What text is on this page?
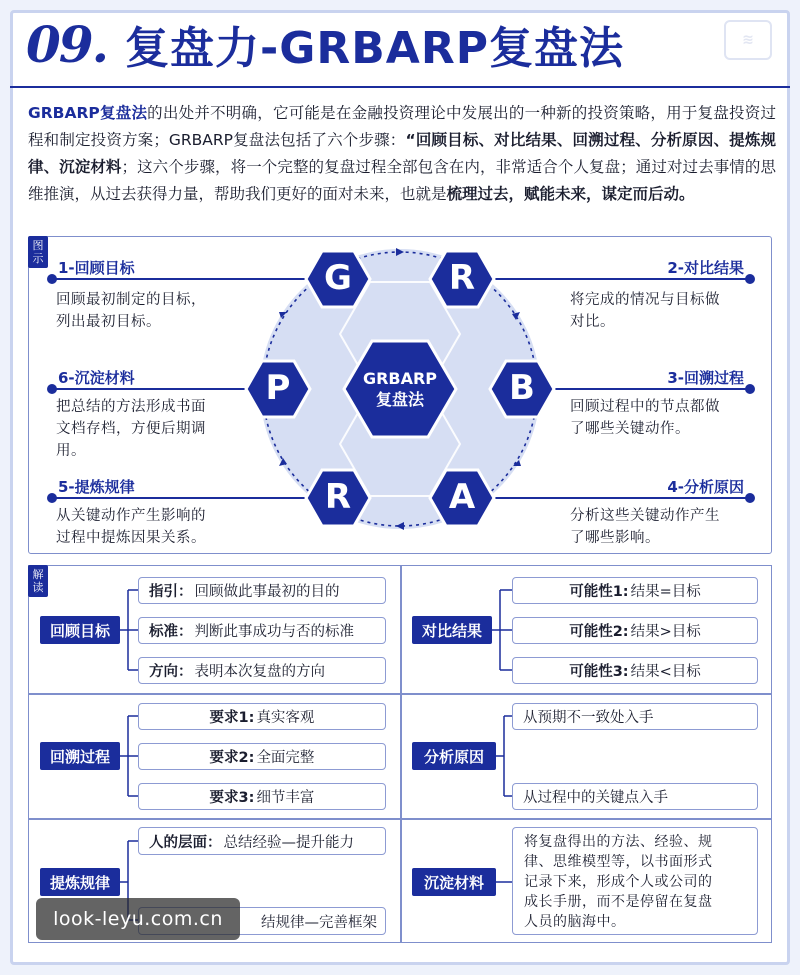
09. 复盘力-GRBARP复盘法	≋
GRBARP复盘法的出处并不明确，它可能是在金融投资理论中发展出的一种新的投资策略，用于复盘投资过程和制定投资方案；GRBARP复盘法包括了六个步骤：“回顾目标、对比结果、回溯过程、分析原因、提炼规律、沉淀材料；这六个步骤，将一个完整的复盘过程全部包含在内，非常适合个人复盘；通过对过去事情的思维推演，从过去获得力量，帮助我们更好的面对未来，也就是梳理过去，赋能未来，谋定而后动。
图示	G	R
B
A
R
P	GRBARP
复盘法
1-回顾目标
回顾最初制定的目标，
列出最初目标。
2-对比结果
将完成的情况与目标做
对比。
3-回溯过程
回顾过程中的节点都做
了哪些关键动作。
4-分析原因
分析这些关键动作产生
了哪些影响。
5-提炼规律
从关键动作产生影响的
过程中提炼因果关系。
6-沉淀材料
把总结的方法形成书面
文档存档，方便后期调
用。
解读
回顾目标
指引： 回顾做此事最初的目的
标准： 判断此事成功与否的标准
方向： 表明本次复盘的方向
对比结果
可能性1: 结果=目标
可能性2: 结果>目标
可能性3: 结果<目标
回溯过程
要求1: 真实客观
要求2: 全面完整
要求3: 细节丰富
分析原因
从预期不一致处入手
从过程中的关键点入手
提炼规律
人的层面： 总结经验—提升能力
结规律—完善框架
沉淀材料
将复盘得出的方法、经验、规
律、思维模型等，以书面形式
记录下来，形成个人或公司的
成长手册，而不是停留在复盘
人员的脑海中。
look-leyu.com.cn
